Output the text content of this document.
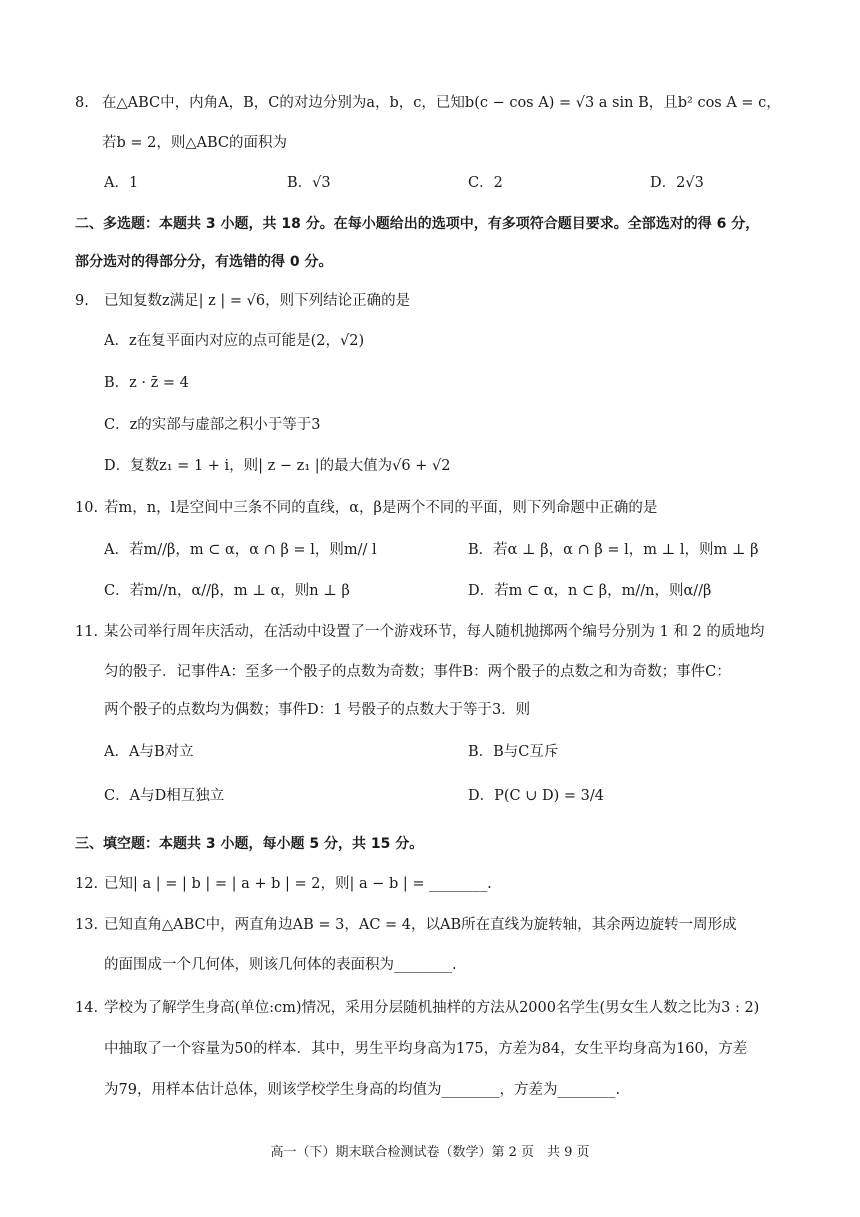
8. 在△ABC中，内角A，B，C的对边分别为a，b，c，已知b(c − cos A) = √3 a sin B，且b² cos A = c，
若b = 2，则△ABC的面积为
A．1	B．√3	C．2	D．2√3
二、多选题：本题共 3 小题，共 18 分。在每小题给出的选项中，有多项符合题目要求。全部选对的得 6 分，
部分选对的得部分分，有选错的得 0 分。
9. 已知复数z满足| z | = √6，则下列结论正确的是
A．z在复平面内对应的点可能是(2，√2)
B．z · z̄ = 4
C．z的实部与虚部之积小于等于3
D．复数z₁ = 1 + i，则| z − z₁ |的最大值为√6 + √2
10. 若m，n，l是空间中三条不同的直线，α，β是两个不同的平面，则下列命题中正确的是
A．若m//β，m ⊂ α，α ∩ β = l，则m// l	B．若α ⊥ β，α ∩ β = l，m ⊥ l，则m ⊥ β
C．若m//n，α//β，m ⊥ α，则n ⊥ β	D．若m ⊂ α，n ⊂ β，m//n，则α//β
11. 某公司举行周年庆活动，在活动中设置了一个游戏环节，每人随机抛掷两个编号分别为 1 和 2 的质地均
匀的骰子．记事件A：至多一个骰子的点数为奇数；事件B：两个骰子的点数之和为奇数；事件C：
两个骰子的点数均为偶数；事件D：1 号骰子的点数大于等于3．则
A．A与B对立	B．B与C互斥
C．A与D相互独立	D．P(C ∪ D) = 3/4
三、填空题：本题共 3 小题，每小题 5 分，共 15 分。
12. 已知| a | = | b | = | a + b | = 2，则| a − b | = ________.
13. 已知直角△ABC中，两直角边AB = 3，AC = 4，以AB所在直线为旋转轴，其余两边旋转一周形成
的面围成一个几何体，则该几何体的表面积为________.
14. 学校为了解学生身高(单位:cm)情况，采用分层随机抽样的方法从2000名学生(男女生人数之比为3 : 2)
中抽取了一个容量为50的样本．其中，男生平均身高为175，方差为84，女生平均身高为160，方差
为79，用样本估计总体，则该学校学生身高的均值为________，方差为________.
高一（下）期末联合检测试卷（数学）第 2 页　共 9 页
